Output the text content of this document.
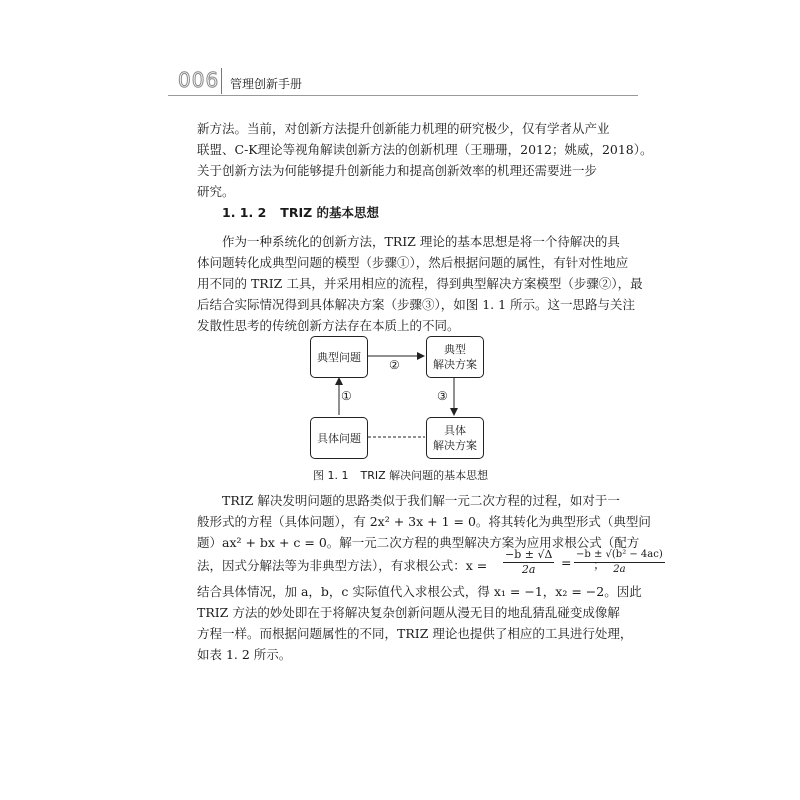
006 管理创新手册
新方法。当前，对创新方法提升创新能力机理的研究极少，仅有学者从产业
联盟、C-K理论等视角解读创新方法的创新机理（王珊珊，2012；姚威，2018）。
关于创新方法为何能够提升创新能力和提高创新效率的机理还需要进一步
研究。
1. 1. 2 TRIZ 的基本思想
　　作为一种系统化的创新方法，TRIZ 理论的基本思想是将一个待解决的具
体问题转化成典型问题的模型（步骤①），然后根据问题的属性，有针对性地应
用不同的 TRIZ 工具，并采用相应的流程，得到典型解决方案模型（步骤②），最
后结合实际情况得到具体解决方案（步骤③），如图 1. 1 所示。这一思路与关注
发散性思考的传统创新方法存在本质上的不同。
典型问题
典型
解决方案
具体问题
具体
解决方案
②
①	③
图 1. 1 TRIZ 解决问题的基本思想
　　TRIZ 解决发明问题的思路类似于我们解一元二次方程的过程，如对于一
般形式的方程（具体问题），有 2x² + 3x + 1 = 0。将其转化为典型形式（典型问
题）ax² + bx + c = 0。解一元二次方程的典型解决方案为应用求根公式（配方
法，因式分解法等为非典型方法），有求根公式：$x = \frac{-b \pm √\Delta}{2a} = \frac{\text{−b ± √(b² − 4ac)}}{2a}$
；
结合具体情况，加 a，b，c 实际值代入求根公式，得 x₁ = −1，x₂ = −2。因此
TRIZ 方法的妙处即在于将解决复杂创新问题从漫无目的地乱猜乱碰变成像解
方程一样。而根据问题属性的不同，TRIZ 理论也提供了相应的工具进行处理，
如表 1. 2 所示。
